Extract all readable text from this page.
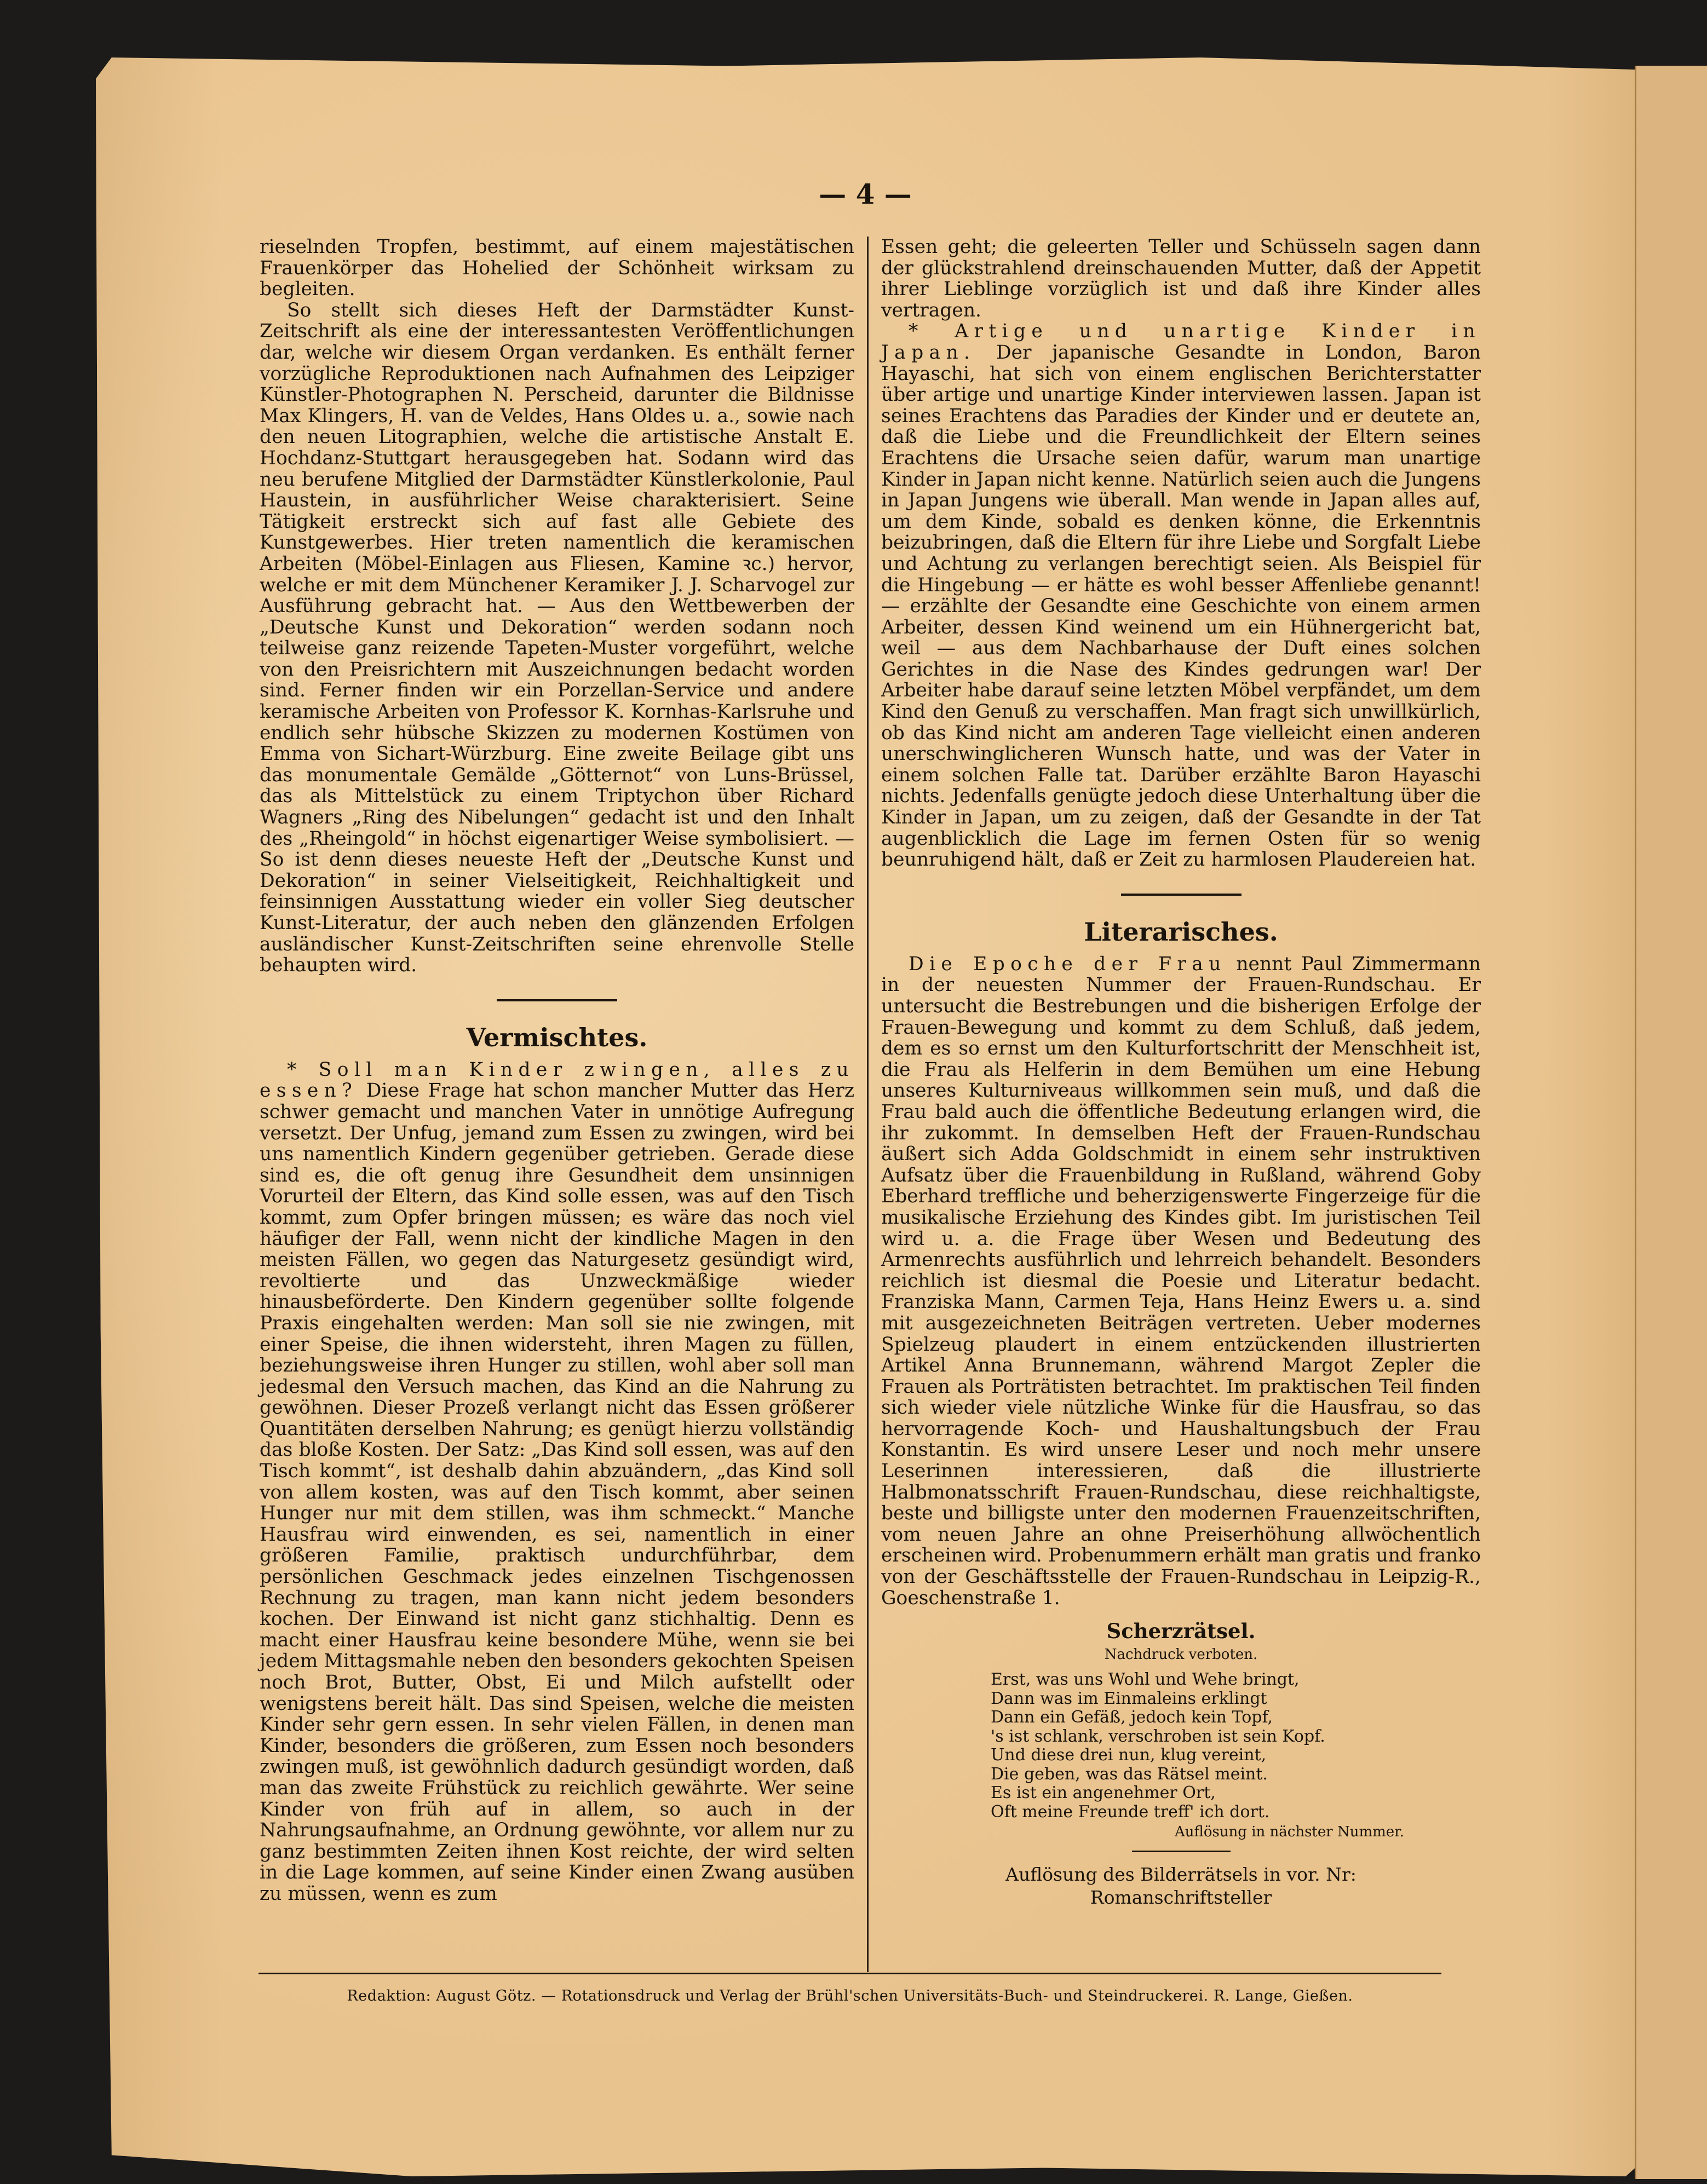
— 4 —

rieselnden Tropfen, bestimmt, auf einem majestätischen Frauenkörper das Hohelied der Schönheit wirksam zu begleiten.

So stellt sich dieses Heft der Darmstädter Kunst-Zeitschrift als eine der interessantesten Veröffentlichungen dar, welche wir diesem Organ verdanken. Es enthält ferner vorzügliche Reproduktionen nach Aufnahmen des Leipziger Künstler-Photographen N. Perscheid, darunter die Bildnisse Max Klingers, H. van de Veldes, Hans Oldes u. a., sowie nach den neuen Litographien, welche die artistische Anstalt E. Hochdanz-Stuttgart herausgegeben hat. Sodann wird das neu berufene Mitglied der Darmstädter Künstlerkolonie, Paul Haustein, in ausführlicher Weise charakterisiert. Seine Tätigkeit erstreckt sich auf fast alle Gebiete des Kunstgewerbes. Hier treten namentlich die keramischen Arbeiten (Möbel-Einlagen aus Fliesen, Kamine ꝛc.) hervor, welche er mit dem Münchener Keramiker J. J. Scharvogel zur Ausführung gebracht hat. — Aus den Wettbewerben der „Deutsche Kunst und Dekoration“ werden sodann noch teilweise ganz reizende Tapeten-Muster vorgeführt, welche von den Preisrichtern mit Auszeichnungen bedacht worden sind. Ferner finden wir ein Porzellan-Service und andere keramische Arbeiten von Professor K. Kornhas-Karlsruhe und endlich sehr hübsche Skizzen zu modernen Kostümen von Emma von Sichart-Würzburg. Eine zweite Beilage gibt uns das monumentale Gemälde „Götternot“ von Luns-Brüssel, das als Mittelstück zu einem Triptychon über Richard Wagners „Ring des Nibelungen“ gedacht ist und den Inhalt des „Rheingold“ in höchst eigenartiger Weise symbolisiert. — So ist denn dieses neueste Heft der „Deutsche Kunst und Dekoration“ in seiner Vielseitigkeit, Reichhaltigkeit und feinsinnigen Ausstattung wieder ein voller Sieg deutscher Kunst-Literatur, der auch neben den glänzenden Erfolgen ausländischer Kunst-Zeitschriften seine ehrenvolle Stelle behaupten wird.

Vermischtes.

* Soll man Kinder zwingen, alles zu essen? Diese Frage hat schon mancher Mutter das Herz schwer gemacht und manchen Vater in unnötige Aufregung versetzt. Der Unfug, jemand zum Essen zu zwingen, wird bei uns namentlich Kindern gegenüber getrieben. Gerade diese sind es, die oft genug ihre Gesundheit dem unsinnigen Vorurteil der Eltern, das Kind solle essen, was auf den Tisch kommt, zum Opfer bringen müssen; es wäre das noch viel häufiger der Fall, wenn nicht der kindliche Magen in den meisten Fällen, wo gegen das Naturgesetz gesündigt wird, revoltierte und das Unzweckmäßige wieder hinausbeförderte. Den Kindern gegenüber sollte folgende Praxis eingehalten werden: Man soll sie nie zwingen, mit einer Speise, die ihnen widersteht, ihren Magen zu füllen, beziehungsweise ihren Hunger zu stillen, wohl aber soll man jedesmal den Versuch machen, das Kind an die Nahrung zu gewöhnen. Dieser Prozeß verlangt nicht das Essen größerer Quantitäten derselben Nahrung; es genügt hierzu vollständig das bloße Kosten. Der Satz: „Das Kind soll essen, was auf den Tisch kommt“, ist deshalb dahin abzuändern, „das Kind soll von allem kosten, was auf den Tisch kommt, aber seinen Hunger nur mit dem stillen, was ihm schmeckt.“ Manche Hausfrau wird einwenden, es sei, namentlich in einer größeren Familie, praktisch undurchführbar, dem persönlichen Geschmack jedes einzelnen Tischgenossen Rechnung zu tragen, man kann nicht jedem besonders kochen. Der Einwand ist nicht ganz stichhaltig. Denn es macht einer Hausfrau keine besondere Mühe, wenn sie bei jedem Mittagsmahle neben den besonders gekochten Speisen noch Brot, Butter, Obst, Ei und Milch aufstellt oder wenigstens bereit hält. Das sind Speisen, welche die meisten Kinder sehr gern essen. In sehr vielen Fällen, in denen man Kinder, besonders die größeren, zum Essen noch besonders zwingen muß, ist gewöhnlich dadurch gesündigt worden, daß man das zweite Frühstück zu reichlich gewährte. Wer seine Kinder von früh auf in allem, so auch in der Nahrungsaufnahme, an Ordnung gewöhnte, vor allem nur zu ganz bestimmten Zeiten ihnen Kost reichte, der wird selten in die Lage kommen, auf seine Kinder einen Zwang ausüben zu müssen, wenn es zum

Essen geht; die geleerten Teller und Schüsseln sagen dann der glückstrahlend dreinschauenden Mutter, daß der Appetit ihrer Lieblinge vorzüglich ist und daß ihre Kinder alles vertragen.

* Artige und unartige Kinder in Japan. Der japanische Gesandte in London, Baron Hayaschi, hat sich von einem englischen Berichterstatter über artige und unartige Kinder interviewen lassen. Japan ist seines Erachtens das Paradies der Kinder und er deutete an, daß die Liebe und die Freundlichkeit der Eltern seines Erachtens die Ursache seien dafür, warum man unartige Kinder in Japan nicht kenne. Natürlich seien auch die Jungens in Japan Jungens wie überall. Man wende in Japan alles auf, um dem Kinde, sobald es denken könne, die Erkenntnis beizubringen, daß die Eltern für ihre Liebe und Sorgfalt Liebe und Achtung zu verlangen berechtigt seien. Als Beispiel für die Hingebung — er hätte es wohl besser Affenliebe genannt! — erzählte der Gesandte eine Geschichte von einem armen Arbeiter, dessen Kind weinend um ein Hühnergericht bat, weil — aus dem Nachbarhause der Duft eines solchen Gerichtes in die Nase des Kindes gedrungen war! Der Arbeiter habe darauf seine letzten Möbel verpfändet, um dem Kind den Genuß zu verschaffen. Man fragt sich unwillkürlich, ob das Kind nicht am anderen Tage vielleicht einen anderen unerschwinglicheren Wunsch hatte, und was der Vater in einem solchen Falle tat. Darüber erzählte Baron Hayaschi nichts. Jedenfalls genügte jedoch diese Unterhaltung über die Kinder in Japan, um zu zeigen, daß der Gesandte in der Tat augenblicklich die Lage im fernen Osten für so wenig beunruhigend hält, daß er Zeit zu harmlosen Plaudereien hat.

Literarisches.

Die Epoche der Frau nennt Paul Zimmermann in der neuesten Nummer der Frauen-Rundschau. Er untersucht die Bestrebungen und die bisherigen Erfolge der Frauen-Bewegung und kommt zu dem Schluß, daß jedem, dem es so ernst um den Kulturfortschritt der Menschheit ist, die Frau als Helferin in dem Bemühen um eine Hebung unseres Kulturniveaus willkommen sein muß, und daß die Frau bald auch die öffentliche Bedeutung erlangen wird, die ihr zukommt. In demselben Heft der Frauen-Rundschau äußert sich Adda Goldschmidt in einem sehr instruktiven Aufsatz über die Frauenbildung in Rußland, während Goby Eberhard treffliche und beherzigenswerte Fingerzeige für die musikalische Erziehung des Kindes gibt. Im juristischen Teil wird u. a. die Frage über Wesen und Bedeutung des Armenrechts ausführlich und lehrreich behandelt. Besonders reichlich ist diesmal die Poesie und Literatur bedacht. Franziska Mann, Carmen Teja, Hans Heinz Ewers u. a. sind mit ausgezeichneten Beiträgen vertreten. Ueber modernes Spielzeug plaudert in einem entzückenden illustrierten Artikel Anna Brunnemann, während Margot Zepler die Frauen als Porträtisten betrachtet. Im praktischen Teil finden sich wieder viele nützliche Winke für die Hausfrau, so das hervorragende Koch- und Haushaltungsbuch der Frau Konstantin. Es wird unsere Leser und noch mehr unsere Leserinnen interessieren, daß die illustrierte Halbmonatsschrift Frauen-Rundschau, diese reichhaltigste, beste und billigste unter den modernen Frauenzeitschriften, vom neuen Jahre an ohne Preiserhöhung allwöchentlich erscheinen wird. Probenummern erhält man gratis und franko von der Geschäftsstelle der Frauen-Rundschau in Leipzig-R., Goeschenstraße 1.

Scherzrätsel.
Nachdruck verboten.
Erst, was uns Wohl und Wehe bringt,
Dann was im Einmaleins erklingt
Dann ein Gefäß, jedoch kein Topf,
's ist schlank, verschroben ist sein Kopf.
Und diese drei nun, klug vereint,
Die geben, was das Rätsel meint.
Es ist ein angenehmer Ort,
Oft meine Freunde treff' ich dort.
Auflösung in nächster Nummer.
Auflösung des Bilderrätsels in vor. Nr:
Romanschriftsteller
Redaktion: August Götz. — Rotationsdruck und Verlag der Brühl'schen Universitäts-Buch- und Steindruckerei. R. Lange, Gießen.
